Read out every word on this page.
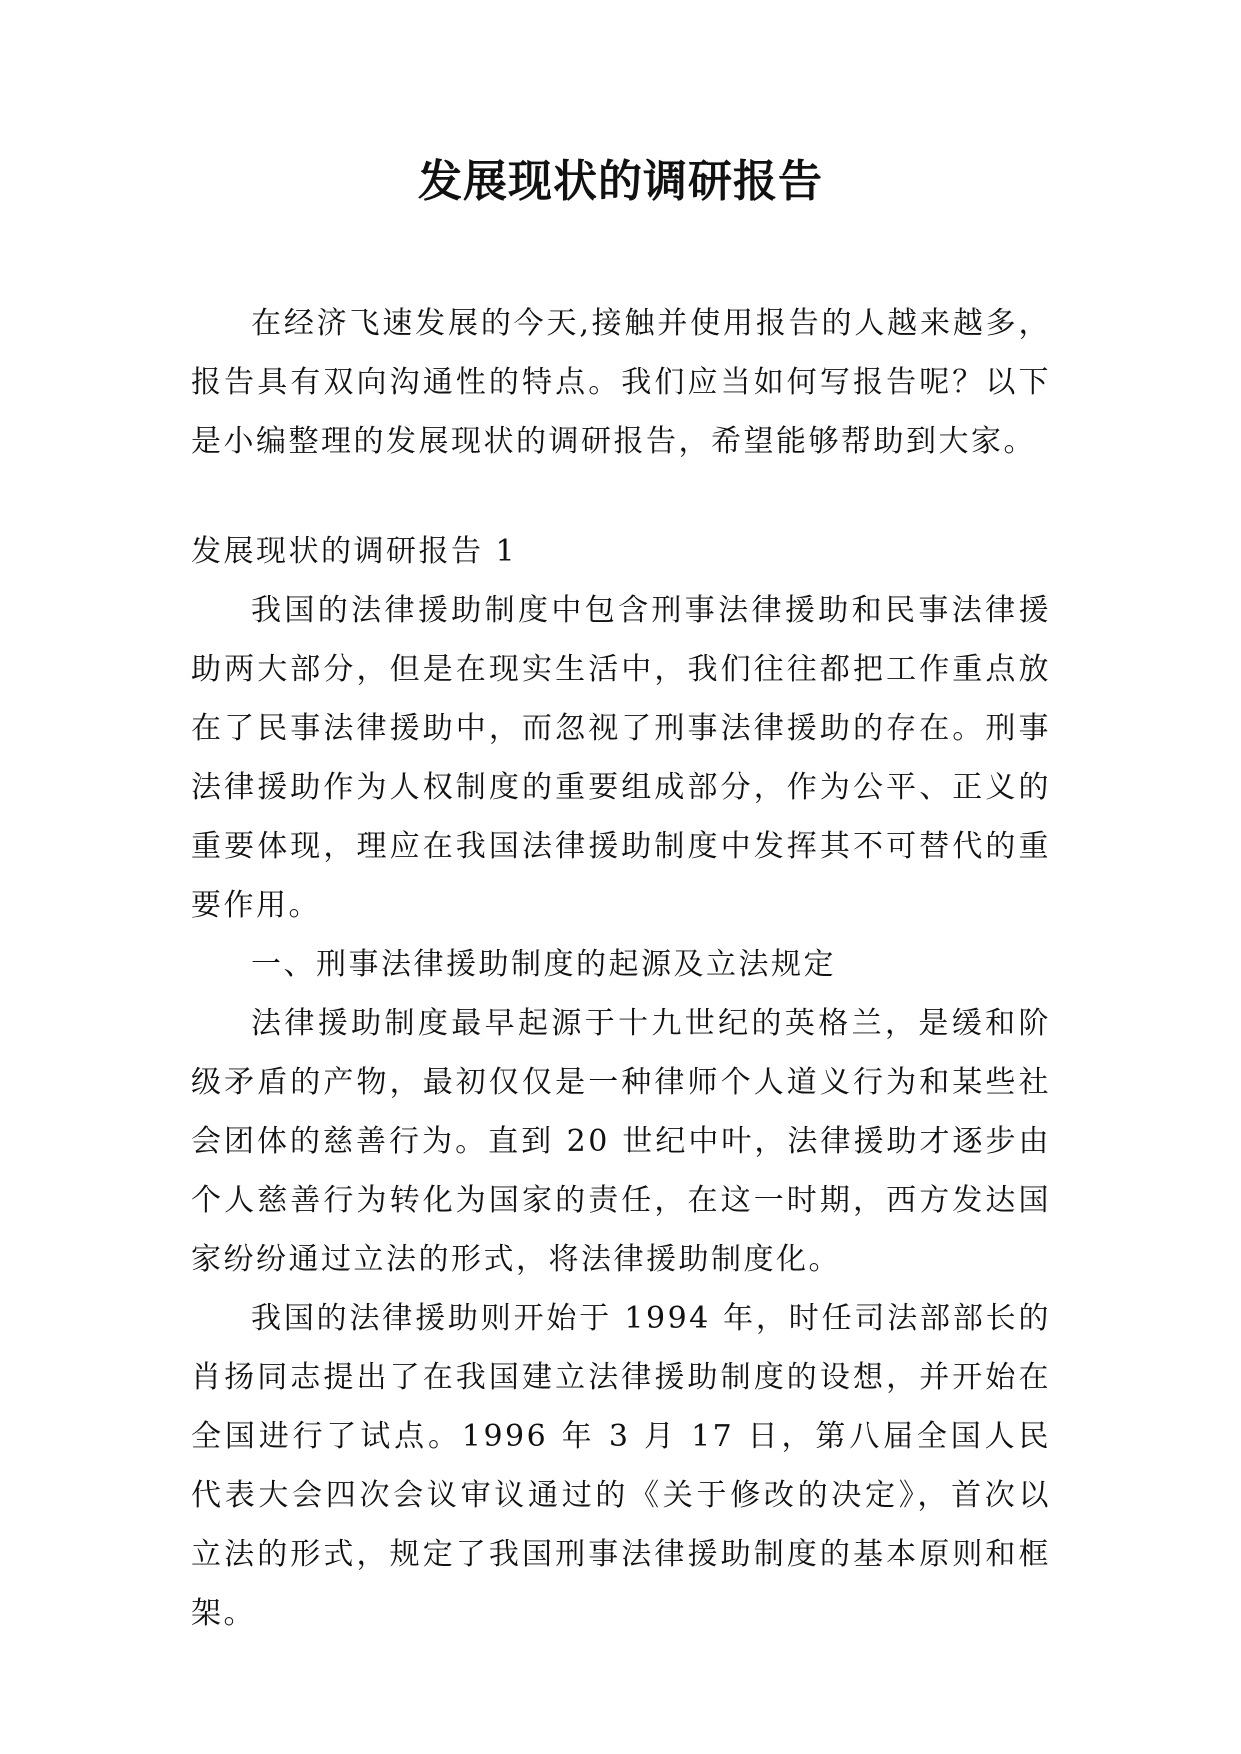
发展现状的调研报告

在经济飞速发展的今天,接触并使用报告的人越来越多，报告具有双向沟通性的特点。我们应当如何写报告呢？以下是小编整理的发展现状的调研报告，希望能够帮助到大家。

发展现状的调研报告 1

我国的法律援助制度中包含刑事法律援助和民事法律援助两大部分，但是在现实生活中，我们往往都把工作重点放在了民事法律援助中，而忽视了刑事法律援助的存在。刑事法律援助作为人权制度的重要组成部分，作为公平、正义的重要体现，理应在我国法律援助制度中发挥其不可替代的重要作用。

一、刑事法律援助制度的起源及立法规定

法律援助制度最早起源于十九世纪的英格兰，是缓和阶级矛盾的产物，最初仅仅是一种律师个人道义行为和某些社会团体的慈善行为。直到 20 世纪中叶，法律援助才逐步由个人慈善行为转化为国家的责任，在这一时期，西方发达国家纷纷通过立法的形式，将法律援助制度化。

我国的法律援助则开始于 1994 年，时任司法部部长的肖扬同志提出了在我国建立法律援助制度的设想，并开始在全国进行了试点。1996 年 3 月 17 日，第八届全国人民代表大会四次会议审议通过的《关于修改的决定》，首次以立法的形式，规定了我国刑事法律援助制度的基本原则和框架。
